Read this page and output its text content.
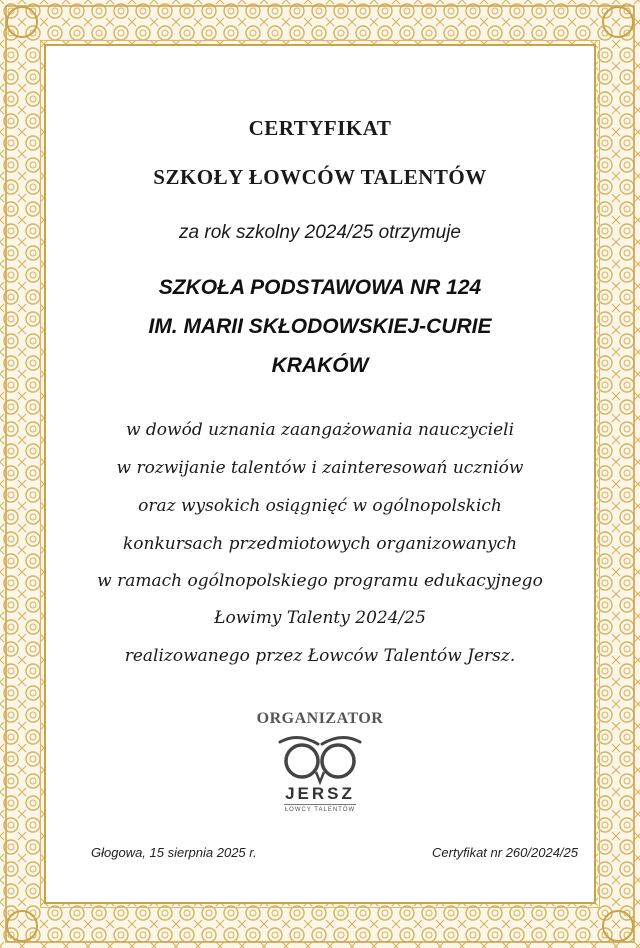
CERTYFIKAT
SZKOŁY ŁOWCÓW TALENTÓW
za rok szkolny 2024/25 otrzymuje
SZKOŁA PODSTAWOWA NR 124
IM. MARII SKŁODOWSKIEJ-CURIE
KRAKÓW
w dowód uznania zaangażowania nauczycieli
w rozwijanie talentów i zainteresowań uczniów
oraz wysokich osiągnięć w ogólnopolskich
konkursach przedmiotowych organizowanych
w ramach ogólnopolskiego programu edukacyjnego
Łowimy Talenty 2024/25
realizowanego przez Łowców Talentów Jersz.
ORGANIZATOR
JERSZ
ŁOWCY TALENTÓW
Głogowa, 15 sierpnia 2025 r.	Certyfikat nr 260/2024/25
